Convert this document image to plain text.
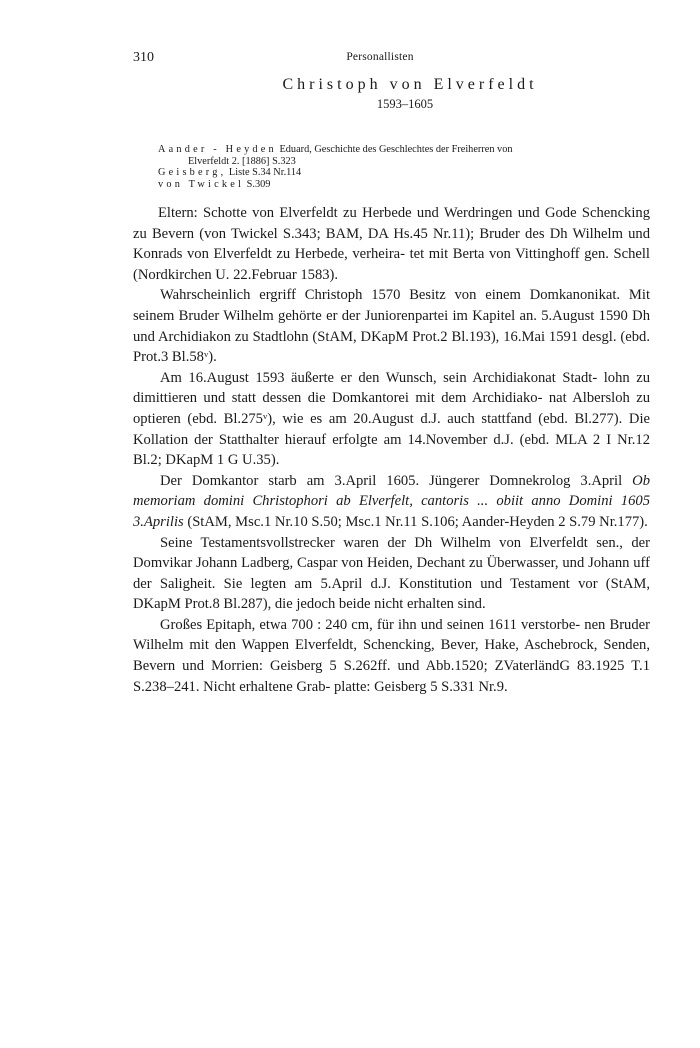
310	Personallisten
Christoph von Elverfeldt
1593–1605
Aander - Heyden Eduard, Geschichte des Geschlechtes der Freiherren von
Elverfeldt 2. [1886] S.323
Geisberg, Liste S.34 Nr.114
von Twickel S.309

Eltern: Schotte von Elverfeldt zu Herbede und Werdringen und Gode Schencking zu Bevern (von Twickel S.343; BAM, DA Hs.45 Nr.11); Bruder des Dh Wilhelm und Konrads von Elverfeldt zu Herbede, verheira- tet mit Berta von Vittinghoff gen. Schell (Nordkirchen U. 22.Februar 1583).

Wahrscheinlich ergriff Christoph 1570 Besitz von einem Domkanonikat. Mit seinem Bruder Wilhelm gehörte er der Juniorenpartei im Kapitel an. 5.August 1590 Dh und Archidiakon zu Stadtlohn (StAM, DKapM Prot.2 Bl.193), 16.Mai 1591 desgl. (ebd. Prot.3 Bl.58ᵛ).

Am 16.August 1593 äußerte er den Wunsch, sein Archidiakonat Stadt- lohn zu dimittieren und statt dessen die Domkantorei mit dem Archidiako- nat Albersloh zu optieren (ebd. Bl.275ᵛ), wie es am 20.August d.J. auch stattfand (ebd. Bl.277). Die Kollation der Statthalter hierauf erfolgte am 14.November d.J. (ebd. MLA 2 I Nr.12 Bl.2; DKapM 1 G U.35).

Der Domkantor starb am 3.April 1605. Jüngerer Domnekrolog 3.April Ob memoriam domini Christophori ab Elverfelt, cantoris ... obiit anno Domini 1605 3.Aprilis (StAM, Msc.1 Nr.10 S.50; Msc.1 Nr.11 S.106; Aander-Heyden 2 S.79 Nr.177).

Seine Testamentsvollstrecker waren der Dh Wilhelm von Elverfeldt sen., der Domvikar Johann Ladberg, Caspar von Heiden, Dechant zu Überwasser, und Johann uff der Saligheit. Sie legten am 5.April d.J. Konstitution und Testament vor (StAM, DKapM Prot.8 Bl.287), die jedoch beide nicht erhalten sind.

Großes Epitaph, etwa 700 : 240 cm, für ihn und seinen 1611 verstorbe- nen Bruder Wilhelm mit den Wappen Elverfeldt, Schencking, Bever, Hake, Aschebrock, Senden, Bevern und Morrien: Geisberg 5 S.262ff. und Abb.1520; ZVaterländG 83.1925 T.1 S.238–241. Nicht erhaltene Grab- platte: Geisberg 5 S.331 Nr.9.
